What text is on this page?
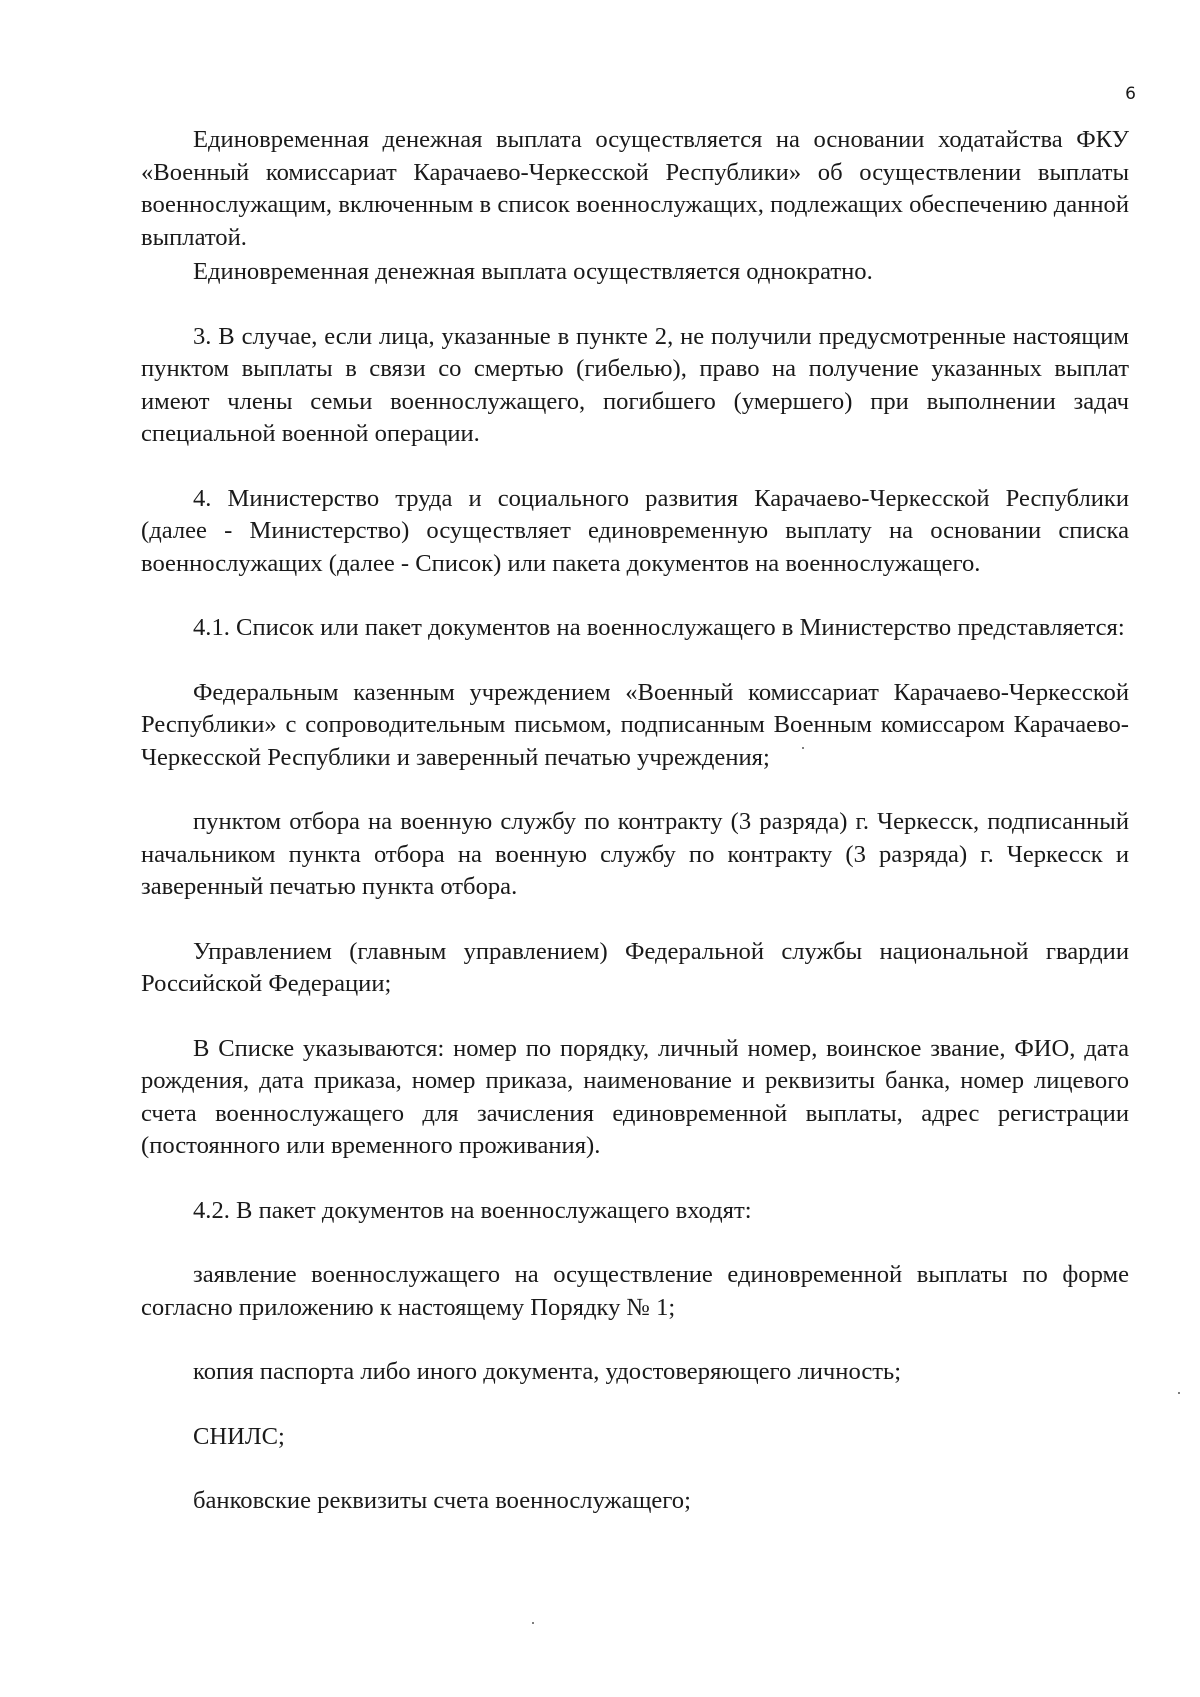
6

Единовременная денежная выплата осуществляется на основании ходатайства ФКУ «Военный комиссариат Карачаево-Черкесской Республики» об осуществлении выплаты военнослужащим, включенным в список военнослужащих, подлежащих обеспечению данной выплатой.

Единовременная денежная выплата осуществляется однократно.

3. В случае, если лица, указанные в пункте 2, не получили предусмотренные настоящим пунктом выплаты в связи со смертью (гибелью), право на получение указанных выплат имеют члены семьи военнослужащего, погибшего (умершего) при выполнении задач специальной военной операции.

4. Министерство труда и социального развития Карачаево-Черкесской Республики (далее - Министерство) осуществляет единовременную выплату на основании списка военнослужащих (далее - Список) или пакета документов на военнослужащего.

4.1. Список или пакет документов на военнослужащего в Министерство представляется:

Федеральным казенным учреждением «Военный комиссариат Карачаево-Черкесской Республики» с сопроводительным письмом, подписанным Военным комиссаром Карачаево-Черкесской Республики и заверенный печатью учреждения;

пунктом отбора на военную службу по контракту (3 разряда) г. Черкесск, подписанный начальником пункта отбора на военную службу по контракту (3 разряда) г. Черкесск и заверенный печатью пункта отбора.

Управлением (главным управлением) Федеральной службы национальной гвардии Российской Федерации;

В Списке указываются: номер по порядку, личный номер, воинское звание, ФИО, дата рождения, дата приказа, номер приказа, наименование и реквизиты банка, номер лицевого счета военнослужащего для зачисления единовременной выплаты, адрес регистрации (постоянного или временного проживания).

4.2. В пакет документов на военнослужащего входят:

заявление военнослужащего на осуществление единовременной выплаты по форме согласно приложению к настоящему Порядку № 1;

копия паспорта либо иного документа, удостоверяющего личность;

СНИЛС;

банковские реквизиты счета военнослужащего;
